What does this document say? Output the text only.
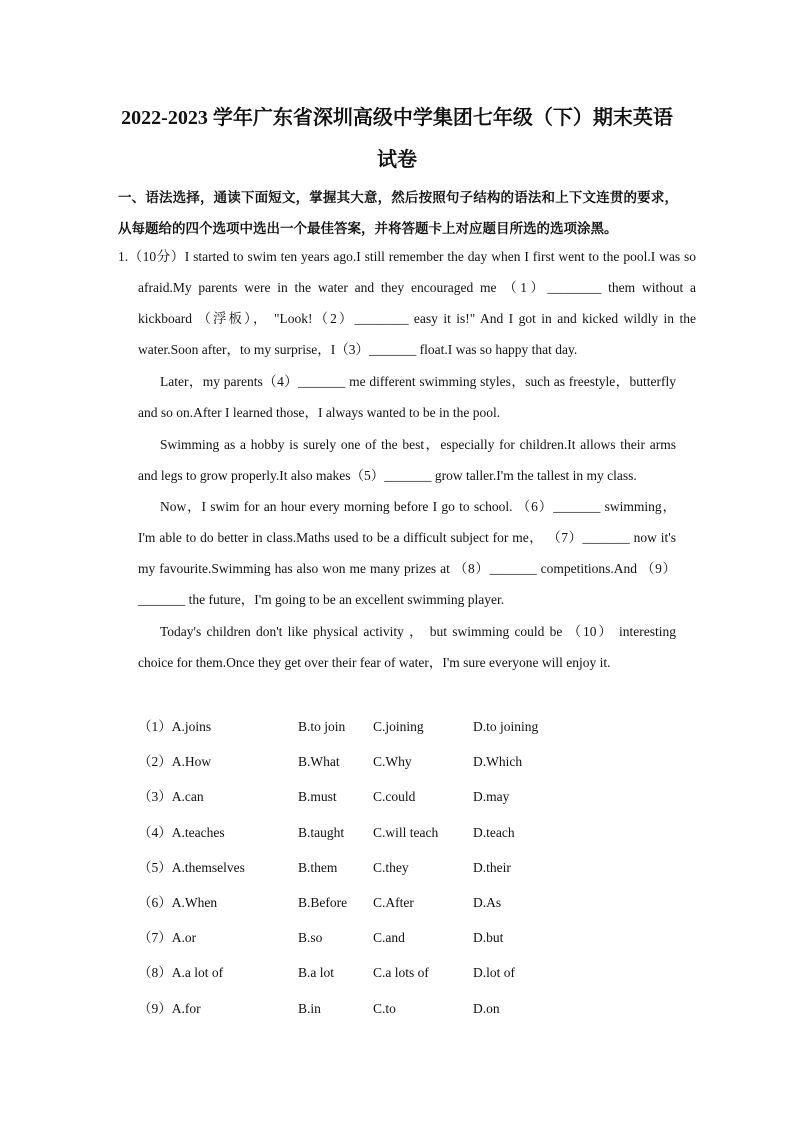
2022-2023 学年广东省深圳高级中学集团七年级（下）期末英语
试卷
一、语法选择，通读下面短文，掌握其大意，然后按照句子结构的语法和上下文连贯的要求， 从每题给的四个选项中选出一个最佳答案，并将答题卡上对应题目所选的选项涂黑。
1.（10分）I started to swim ten years ago.I still remember the day when I first went to the pool.I was so afraid.My parents were in the water and they encouraged me （1）________ them without a kickboard （浮板）， "Look!（2）________ easy it is!" And I got in and kicked wildly in the water.Soon after，to my surprise，I（3）_______ float.I was so happy that day.
Later，my parents（4）_______ me different swimming styles，such as freestyle，butterfly and so on.After I learned those，I always wanted to be in the pool.
Swimming as a hobby is surely one of the best，especially for children.It allows their arms and legs to grow properly.It also makes（5）_______ grow taller.I'm the tallest in my class.
Now，I swim for an hour every morning before I go to school. （6）_______ swimming，I'm able to do better in class.Maths used to be a difficult subject for me， （7）_______ now it's my favourite.Swimming has also won me many prizes at （8）_______ competitions.And （9）_______ the future，I'm going to be an excellent swimming player.
Today's children don't like physical activity ， but swimming could be （10） interesting choice for them.Once they get over their fear of water，I'm sure everyone will enjoy it.
（1）A.joins	B.to join C.joining	D.to joining
（2）A.How	B.What C.Why	D.Which
（3）A.can	B.must	C.could	D.may
（4）A.teaches	B.taught C.will teach	D.teach
（5）A.themselves	B.them	C.they	D.their
（6）A.When	B.Before C.After	D.As
（7）A.or	B.so	C.and	D.but
（8）A.a lot of	B.a lot	C.a lots of	D.lot of
（9）A.for	B.in	C.to	D.on
